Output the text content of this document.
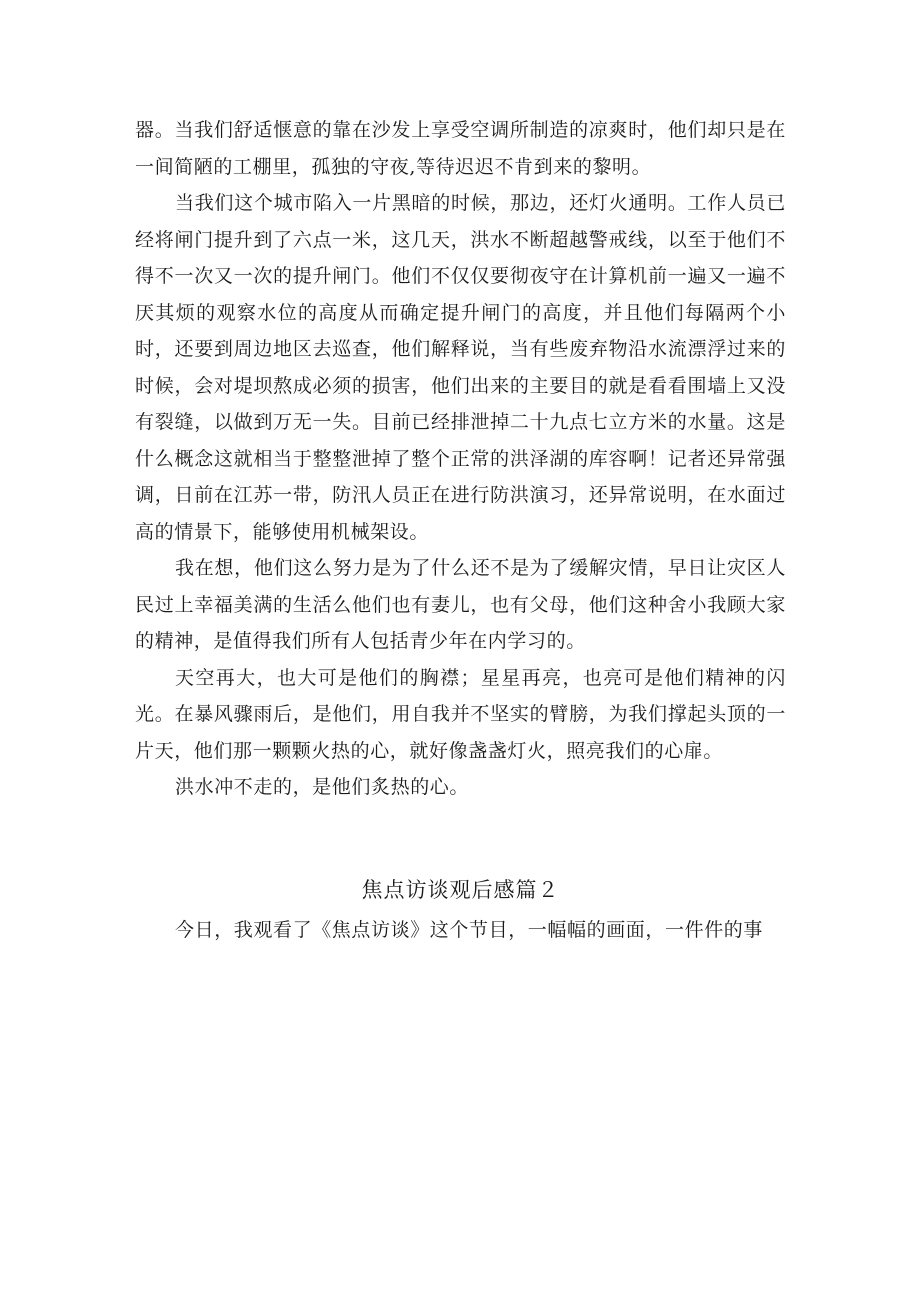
器。当我们舒适惬意的靠在沙发上享受空调所制造的凉爽时，他们却只是在一间简陋的工棚里，孤独的守夜,等待迟迟不肯到来的黎明。

当我们这个城市陷入一片黑暗的时候，那边，还灯火通明。工作人员已经将闸门提升到了六点一米，这几天，洪水不断超越警戒线，以至于他们不得不一次又一次的提升闸门。他们不仅仅要彻夜守在计算机前一遍又一遍不厌其烦的观察水位的高度从而确定提升闸门的高度，并且他们每隔两个小时，还要到周边地区去巡查，他们解释说，当有些废弃物沿水流漂浮过来的时候，会对堤坝熬成必须的损害，他们出来的主要目的就是看看围墙上又没有裂缝，以做到万无一失。目前已经排泄掉二十九点七立方米的水量。这是什么概念这就相当于整整泄掉了整个正常的洪泽湖的库容啊！记者还异常强调，日前在江苏一带，防汛人员正在进行防洪演习，还异常说明，在水面过高的情景下，能够使用机械架设。

我在想，他们这么努力是为了什么还不是为了缓解灾情，早日让灾区人民过上幸福美满的生活么他们也有妻儿，也有父母，他们这种舍小我顾大家的精神，是值得我们所有人包括青少年在内学习的。

天空再大，也大可是他们的胸襟；星星再亮，也亮可是他们精神的闪光。在暴风骤雨后，是他们，用自我并不坚实的臂膀，为我们撑起头顶的一片天，他们那一颗颗火热的心，就好像盏盏灯火，照亮我们的心扉。

洪水冲不走的，是他们炙热的心。

焦点访谈观后感篇２

今日，我观看了《焦点访谈》这个节目，一幅幅的画面，一件件的事
